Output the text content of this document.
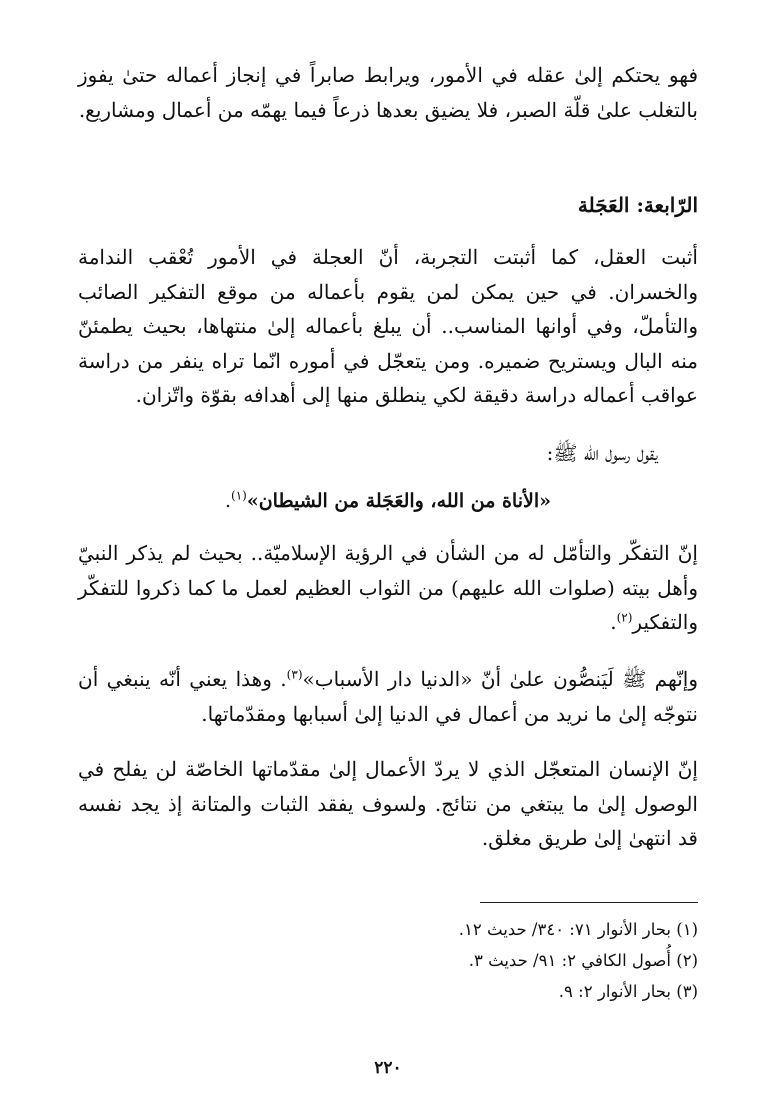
فهو يحتكم إلىٰ عقله في الأمور، ويرابط صابراً في إنجاز أعماله حتىٰ يفوز بالتغلب علىٰ قلّة الصبر، فلا يضيق بعدها ذرعاً فيما يهمّه من أعمال ومشاريع.

الرّابعة: العَجَلة

أثبت العقل، كما أثبتت التجربة، أنّ العجلة في الأمور تُعْقب الندامة والخسران. في حين يمكن لمن يقوم بأعماله من موقع التفكير الصائب والتأملّ، وفي أوانها المناسب.. أن يبلغ بأعماله إلىٰ منتهاها، بحيث يطمئنّ منه البال ويستريح ضميره. ومن يتعجّل في أموره انّما تراه ينفر من دراسة عواقب أعماله دراسة دقيقة لكي ينطلق منها إلى أهدافه بقوّة واتّزان.

يقول رسول الله ﷺ:

«الأناة من الله، والعَجَلة من الشيطان»$^{(١)}$.

إنّ التفكّر والتأمّل له من الشأن في الرؤية الإسلاميّة.. بحيث لم يذكر النبيّ وأهل بيته (صلوات الله عليهم) من الثواب العظيم لعمل ما كما ذكروا للتفكّر والتفكير$^{(٢)}$.

وإنّهم ﷺ لَيَنصُّون علىٰ أنّ «الدنيا دار الأسباب»$^{(٣)}$. وهذا يعني أنّه ينبغي أن نتوجّه إلىٰ ما نريد من أعمال في الدنيا إلىٰ أسبابها ومقدّماتها.

إنّ الإنسان المتعجّل الذي لا يردّ الأعمال إلىٰ مقدّماتها الخاصّة لن يفلح في الوصول إلىٰ ما يبتغي من نتائج. ولسوف يفقد الثبات والمتانة إذ يجد نفسه قد انتهىٰ إلىٰ طريق مغلق.

(١) بحار الأنوار ٧١: ٣٤٠/ حديث ١٢.
(٢) أُصول الكافي ٢: ٩١/ حديث ٣.
(٣) بحار الأنوار ٢: ٩.
٢٢٠
